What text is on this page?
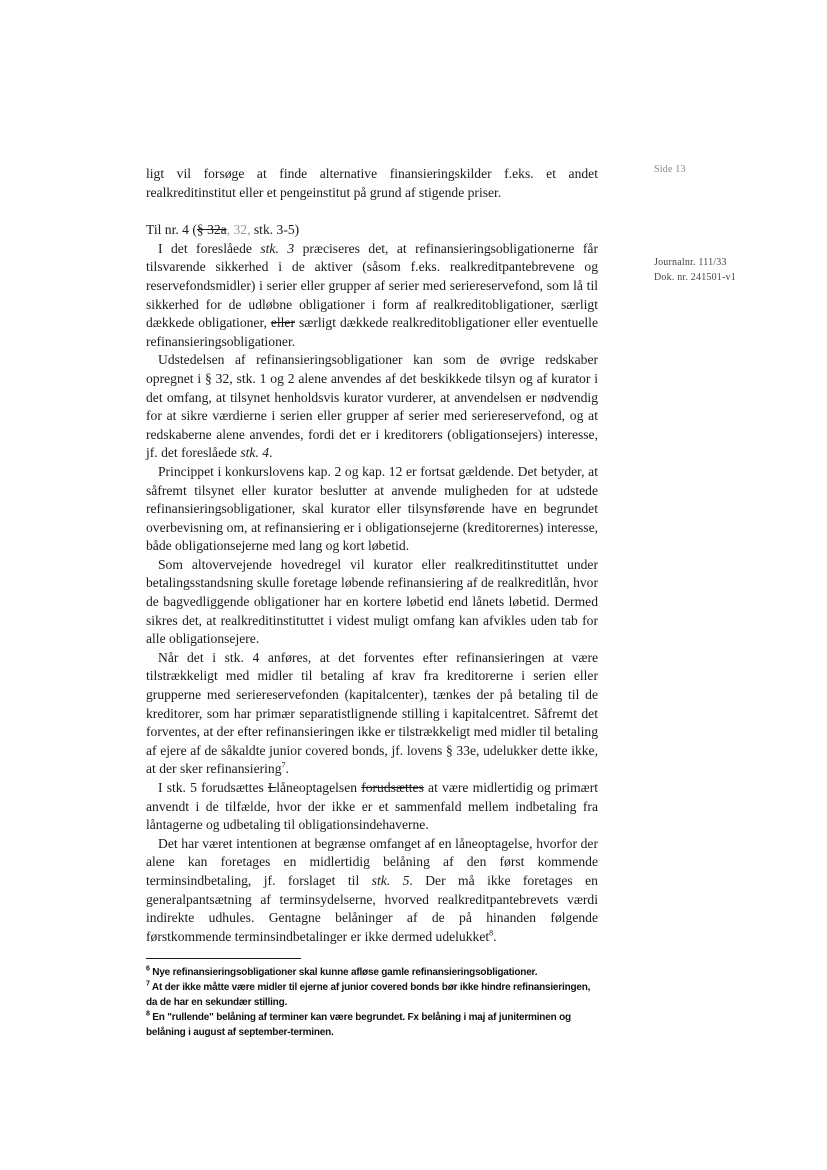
Side 13
Journalnr. 111/33
Dok. nr. 241501-v1

ligt vil forsøge at finde alternative finansieringskilder f.eks. et andet realkreditinstitut eller et pengeinstitut på grund af stigende priser.

Til nr. 4 (§ 32a, 32, stk. 3-5)

I det foreslåede stk. 3 præciseres det, at refinansieringsobligationerne får tilsvarende sikkerhed i de aktiver (såsom f.eks. realkreditpantebrevene og reservefondsmidler) i serier eller grupper af serier med seriereservefond, som lå til sikkerhed for de udløbne obligationer i form af realkreditobligationer, særligt dækkede obligationer, eller særligt dækkede realkreditobligationer eller eventuelle refinansieringsobligationer.

Udstedelsen af refinansieringsobligationer kan som de øvrige redskaber opregnet i § 32, stk. 1 og 2 alene anvendes af det beskikkede tilsyn og af kurator i det omfang, at tilsynet henholdsvis kurator vurderer, at anvendelsen er nødvendig for at sikre værdierne i serien eller grupper af serier med seriereservefond, og at redskaberne alene anvendes, fordi det er i kreditorers (obligationsejers) interesse, jf. det foreslåede stk. 4.

Princippet i konkurslovens kap. 2 og kap. 12 er fortsat gældende. Det betyder, at såfremt tilsynet eller kurator beslutter at anvende muligheden for at udstede refinansieringsobligationer, skal kurator eller tilsynsførende have en begrundet overbevisning om, at refinansiering er i obligationsejerne (kreditorernes) interesse, både obligationsejerne med lang og kort løbetid.

Som altovervejende hovedregel vil kurator eller realkreditinstituttet under betalingsstandsning skulle foretage løbende refinansiering af de realkreditlån, hvor de bagvedliggende obligationer har en kortere løbetid end lånets løbetid. Dermed sikres det, at realkreditinstituttet i videst muligt omfang kan afvikles uden tab for alle obligationsejere.

Når det i stk. 4 anføres, at det forventes efter refinansieringen at være tilstrækkeligt med midler til betaling af krav fra kreditorerne i serien eller grupperne med seriereservefonden (kapitalcenter), tænkes der på betaling til de kreditorer, som har primær separatistlignende stilling i kapitalcentret. Såfremt det forventes, at der efter refinansieringen ikke er tilstrækkeligt med midler til betaling af ejere af de såkaldte junior covered bonds, jf. lovens § 33e, udelukker dette ikke, at der sker refinansiering$^7$.

I stk. 5 forudsættes Llåneoptagelsen forudsættes at være midlertidig og primært anvendt i de tilfælde, hvor der ikke er et sammenfald mellem indbetaling fra låntagerne og udbetaling til obligationsindehaverne.

Det har været intentionen at begrænse omfanget af en låneoptagelse, hvorfor der alene kan foretages en midlertidig belåning af den først kommende terminsindbetaling, jf. forslaget til stk. 5. Der må ikke foretages en generalpantsætning af terminsydelserne, hvorved realkreditpantebrevets værdi indirekte udhules. Gentagne belåninger af de på hinanden følgende førstkommende terminsindbetalinger er ikke dermed udelukket$^8$.

$^6$ Nye refinansieringsobligationer skal kunne afløse gamle refinansieringsobligationer.

$^7$ At der ikke måtte være midler til ejerne af junior covered bonds bør ikke hindre refinansieringen, da de har en sekundær stilling.

$^8$ En "rullende" belåning af terminer kan være begrundet. Fx belåning i maj af juniterminen og belåning i august af september-terminen.
